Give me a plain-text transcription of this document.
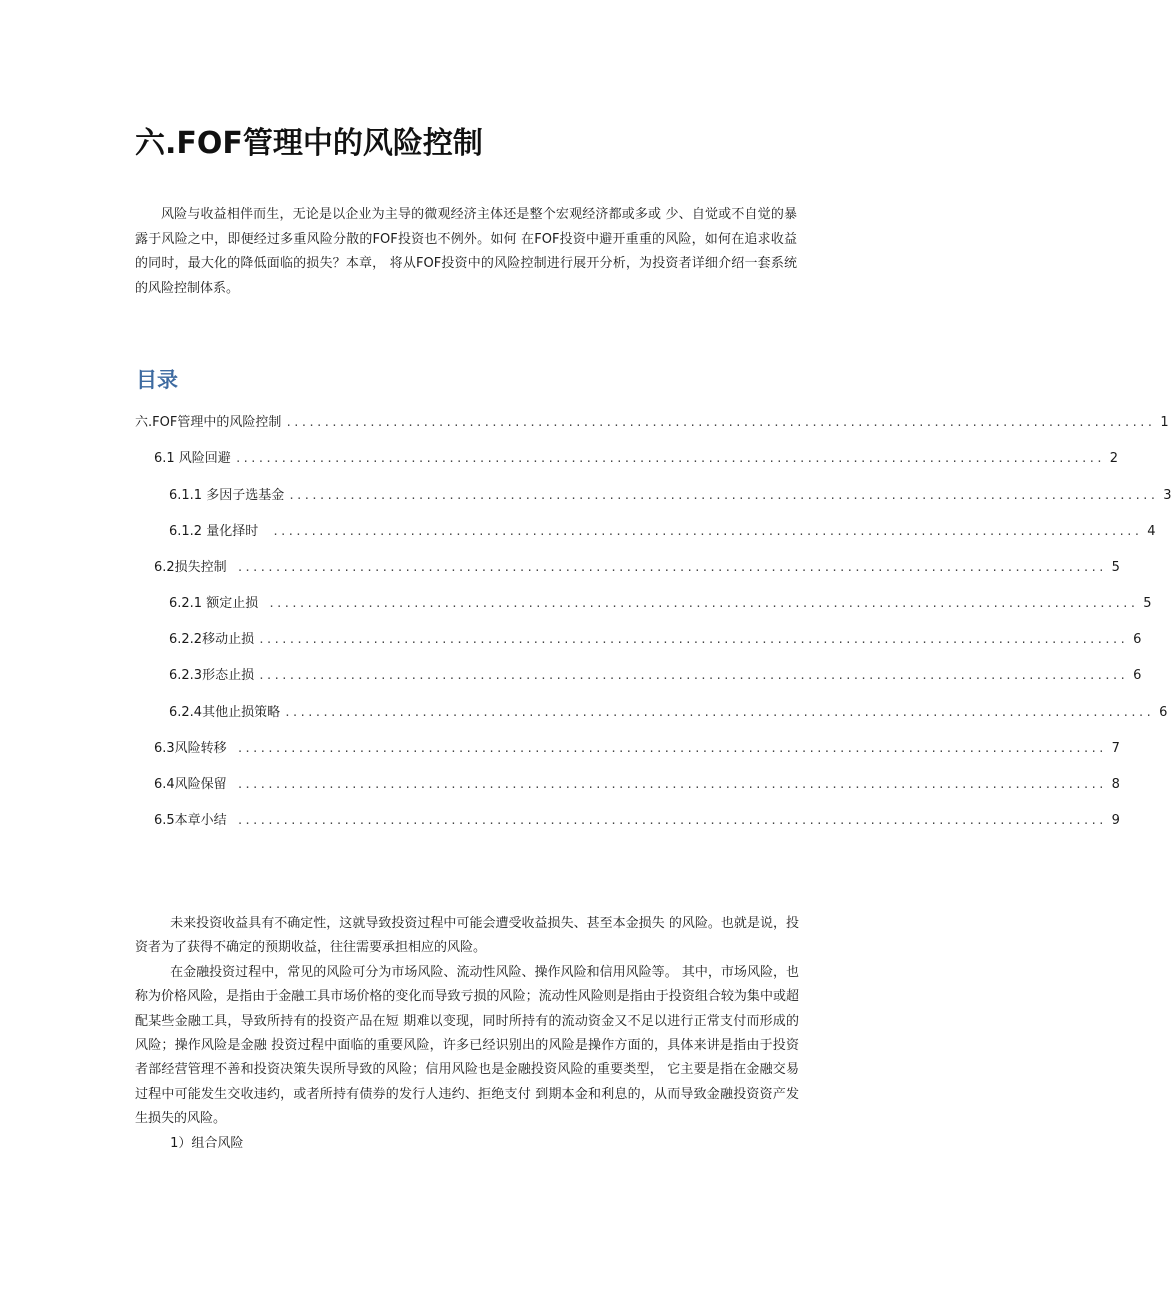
六.FOF管理中的风险控制

风险与收益相伴而生，无论是以企业为主导的微观经济主体还是整个宏观经济都或多或 少、自觉或不自觉的暴露于风险之中，即便经过多重风险分散的FOF投资也不例外。如何 在FOF投资中避开重重的风险，如何在追求收益的同时，最大化的降低面临的损失？本章， 将从FOF投资中的风险控制进行展开分析，为投资者详细介绍一套系统的风险控制体系。

目录
六.FOF管理中的风险控制 .................................................................................................................. 1
6.1 风险回避 .................................................................................................................. 2
6.1.1 多因子选基金 .................................................................................................................. 3
6.1.2 量化择时	.................................................................................................................. 4
6.2损失控制 .................................................................................................................. 5
6.2.1 额定止损 .................................................................................................................. 5
6.2.2移动止损 .................................................................................................................. 6
6.2.3形态止损 .................................................................................................................. 6
6.2.4其他止损策略 .................................................................................................................. 6
6.3风险转移 .................................................................................................................. 7
6.4风险保留 .................................................................................................................. 8
6.5本章小结 .................................................................................................................. 9

未来投资收益具有不确定性，这就导致投资过程中可能会遭受收益损失、甚至本金损失 的风险。也就是说，投资者为了获得不确定的预期收益，往往需要承担相应的风险。

在金融投资过程中，常见的风险可分为市场风险、流动性风险、操作风险和信用风险等。 其中，市场风险，也称为价格风险，是指由于金融工具市场价格的变化而导致亏损的风险；流动性风险则是指由于投资组合较为集中或超配某些金融工具，导致所持有的投资产品在短 期难以变现，同时所持有的流动资金又不足以进行正常支付而形成的风险；操作风险是金融 投资过程中面临的重要风险，许多已经识别出的风险是操作方面的，具体来讲是指由于投资 者部经营管理不善和投资决策失误所导致的风险；信用风险也是金融投资风险的重要类型， 它主要是指在金融交易过程中可能发生交收违约，或者所持有债券的发行人违约、拒绝支付 到期本金和利息的，从而导致金融投资资产发生损失的风险。

1）组合风险
